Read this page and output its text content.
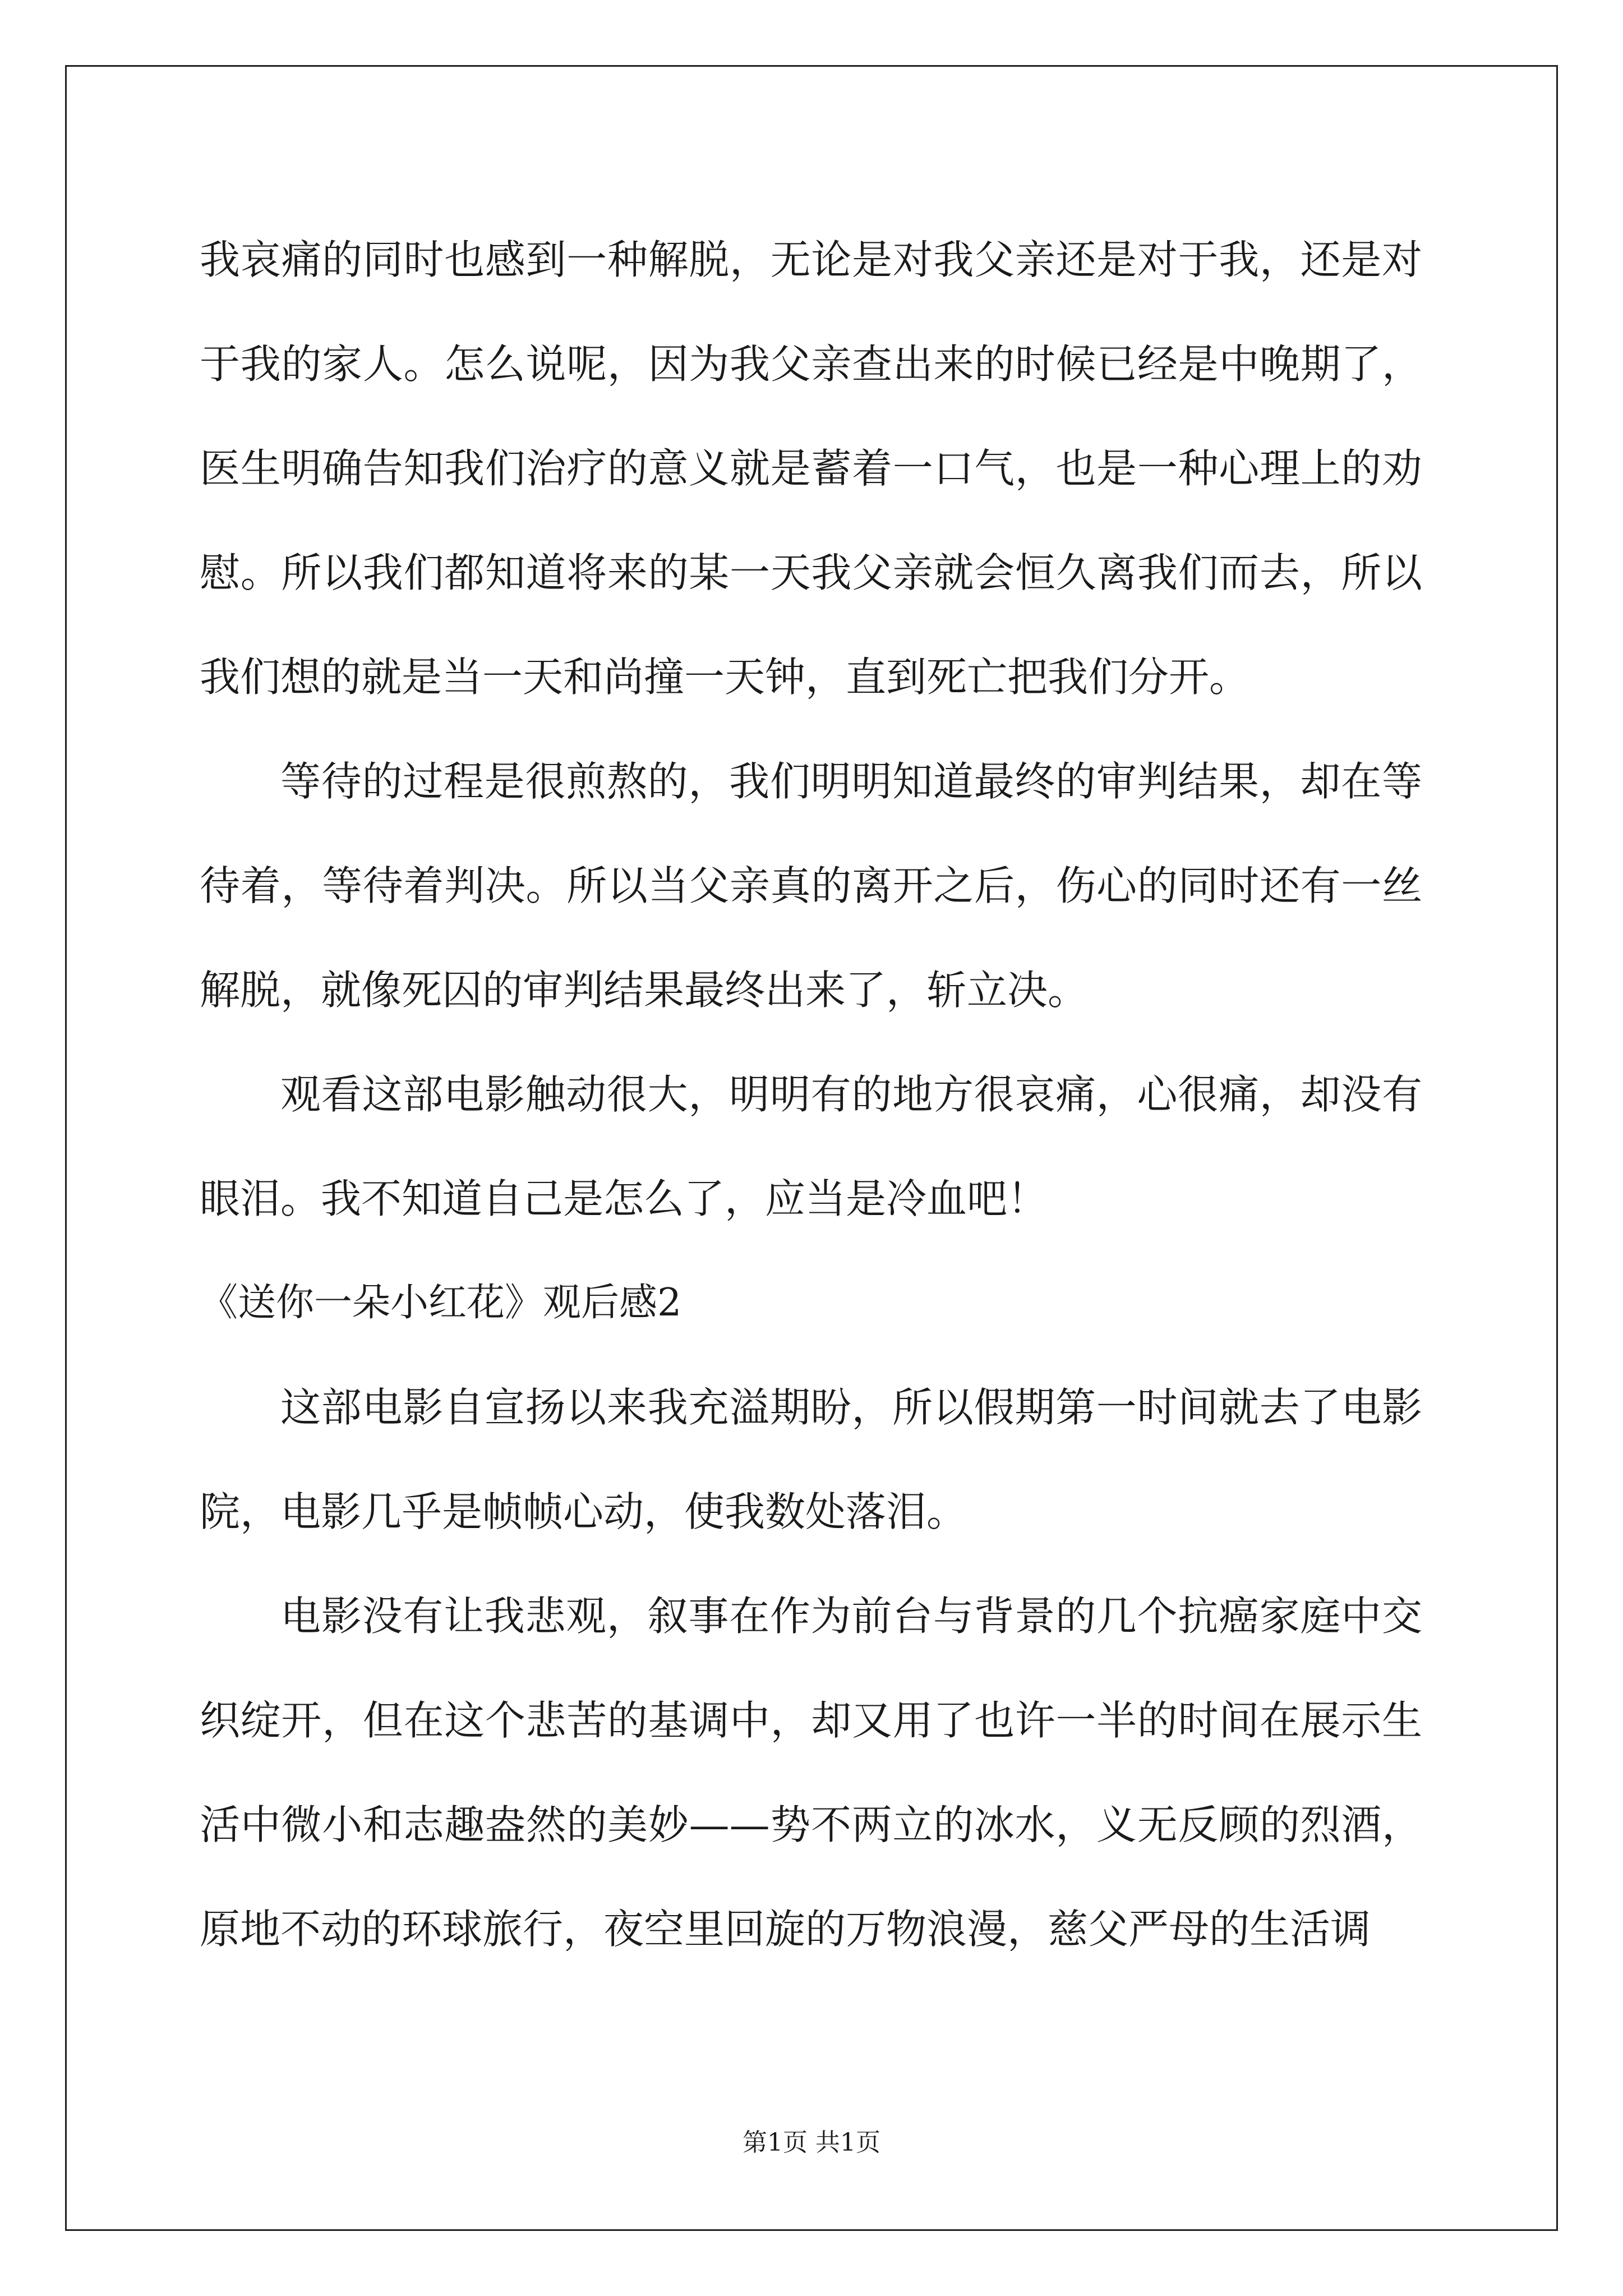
我哀痛的同时也感到一种解脱，无论是对我父亲还是对于我，还是对于我的家人。怎么说呢，因为我父亲查出来的时候已经是中晚期了，医生明确告知我们治疗的意义就是蓄着一口气，也是一种心理上的劝慰。所以我们都知道将来的某一天我父亲就会恒久离我们而去，所以我们想的就是当一天和尚撞一天钟，直到死亡把我们分开。

等待的过程是很煎熬的，我们明明知道最终的审判结果，却在等待着，等待着判决。所以当父亲真的离开之后，伤心的同时还有一丝解脱，就像死囚的审判结果最终出来了，斩立决。

观看这部电影触动很大，明明有的地方很哀痛，心很痛，却没有眼泪。我不知道自己是怎么了，应当是冷血吧！

《送你一朵小红花》观后感2

这部电影自宣扬以来我充溢期盼，所以假期第一时间就去了电影院，电影几乎是帧帧心动，使我数处落泪。

电影没有让我悲观，叙事在作为前台与背景的几个抗癌家庭中交织绽开，但在这个悲苦的基调中，却又用了也许一半的时间在展示生活中微小和志趣盎然的美妙——势不两立的冰水，义无反顾的烈酒，原地不动的环球旅行，夜空里回旋的万物浪漫，慈父严母的生活调

第1页 共1页
